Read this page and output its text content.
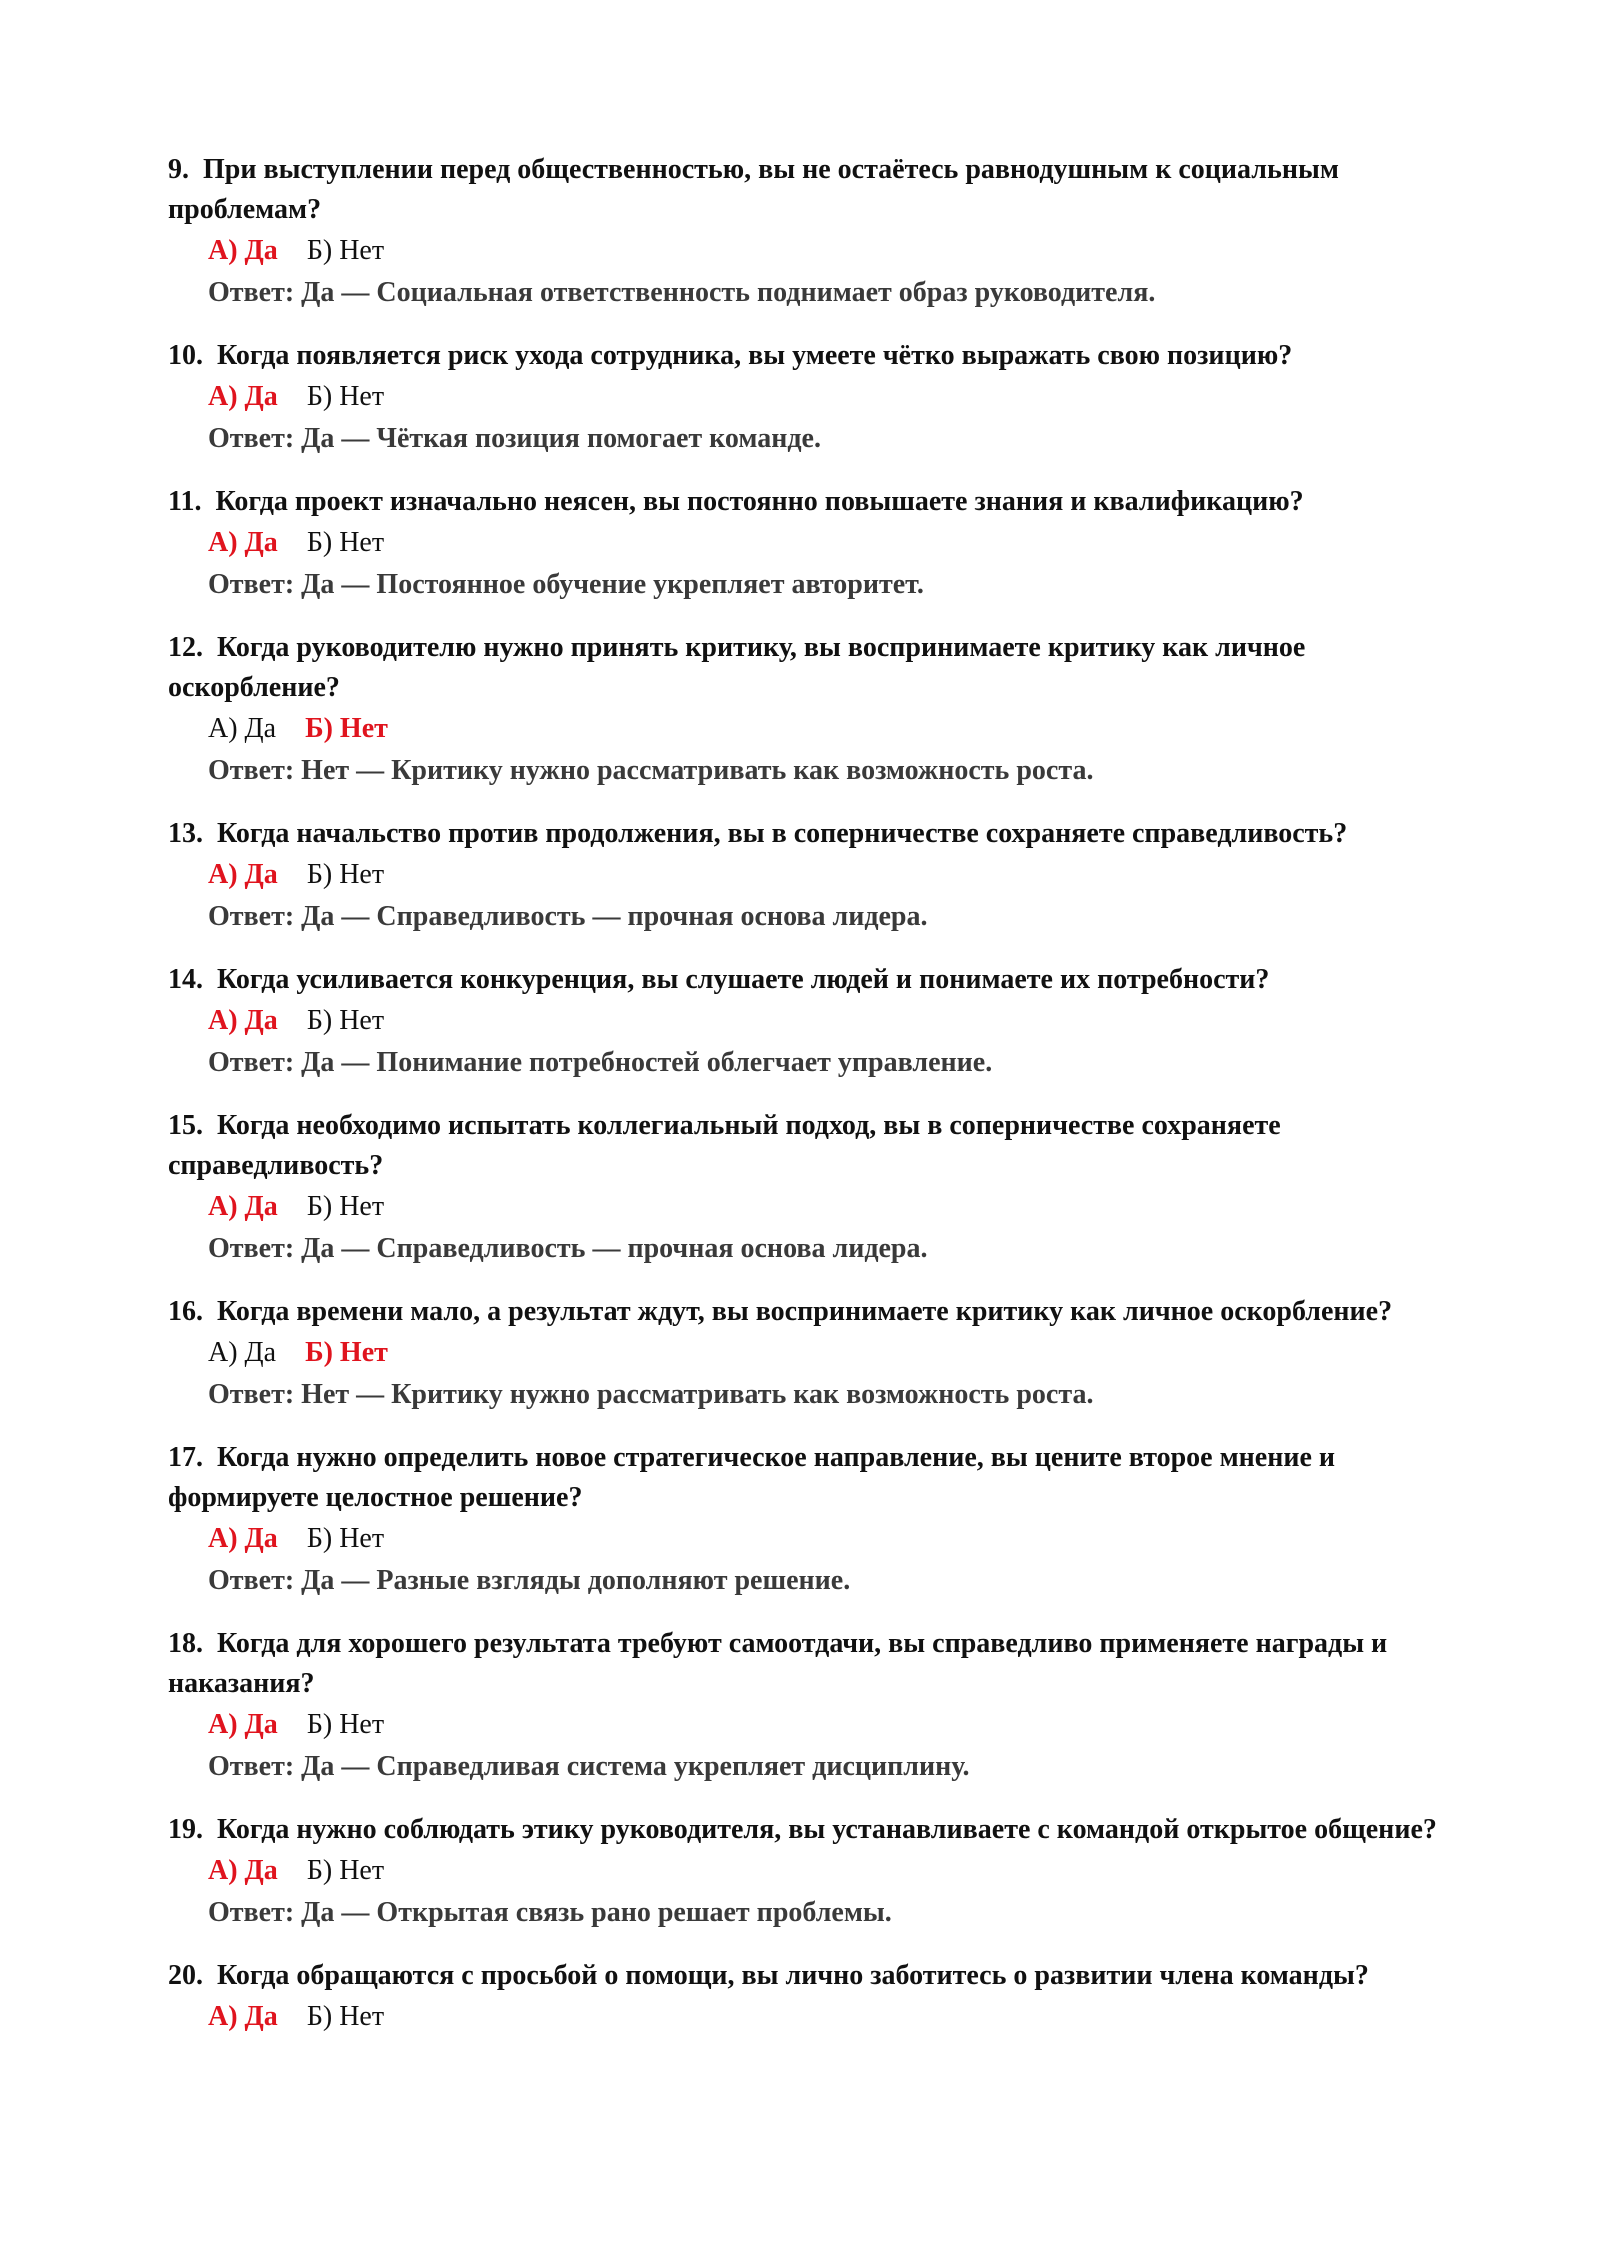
9. При выступлении перед общественностью, вы не остаётесь равнодушным к социальным проблемам?

А) Да Б) Нет
Ответ: Да — Социальная ответственность поднимает образ руководителя.

10. Когда появляется риск ухода сотрудника, вы умеете чётко выражать свою позицию?

А) Да Б) Нет
Ответ: Да — Чёткая позиция помогает команде.

11. Когда проект изначально неясен, вы постоянно повышаете знания и квалификацию?

А) Да Б) Нет
Ответ: Да — Постоянное обучение укрепляет авторитет.

12. Когда руководителю нужно принять критику, вы воспринимаете критику как личное оскорбление?

А) Да Б) Нет
Ответ: Нет — Критику нужно рассматривать как возможность роста.

13. Когда начальство против продолжения, вы в соперничестве сохраняете справедливость?

А) Да Б) Нет
Ответ: Да — Справедливость — прочная основа лидера.

14. Когда усиливается конкуренция, вы слушаете людей и понимаете их потребности?

А) Да Б) Нет
Ответ: Да — Понимание потребностей облегчает управление.

15. Когда необходимо испытать коллегиальный подход, вы в соперничестве сохраняете справедливость?

А) Да Б) Нет
Ответ: Да — Справедливость — прочная основа лидера.

16. Когда времени мало, а результат ждут, вы воспринимаете критику как личное оскорбление?

А) Да Б) Нет
Ответ: Нет — Критику нужно рассматривать как возможность роста.

17. Когда нужно определить новое стратегическое направление, вы цените второе мнение и формируете целостное решение?

А) Да Б) Нет
Ответ: Да — Разные взгляды дополняют решение.

18. Когда для хорошего результата требуют самоотдачи, вы справедливо применяете награды и наказания?

А) Да Б) Нет
Ответ: Да — Справедливая система укрепляет дисциплину.

19. Когда нужно соблюдать этику руководителя, вы устанавливаете с командой открытое общение?

А) Да Б) Нет
Ответ: Да — Открытая связь рано решает проблемы.

20. Когда обращаются с просьбой о помощи, вы лично заботитесь о развитии члена команды?

А) Да Б) Нет
